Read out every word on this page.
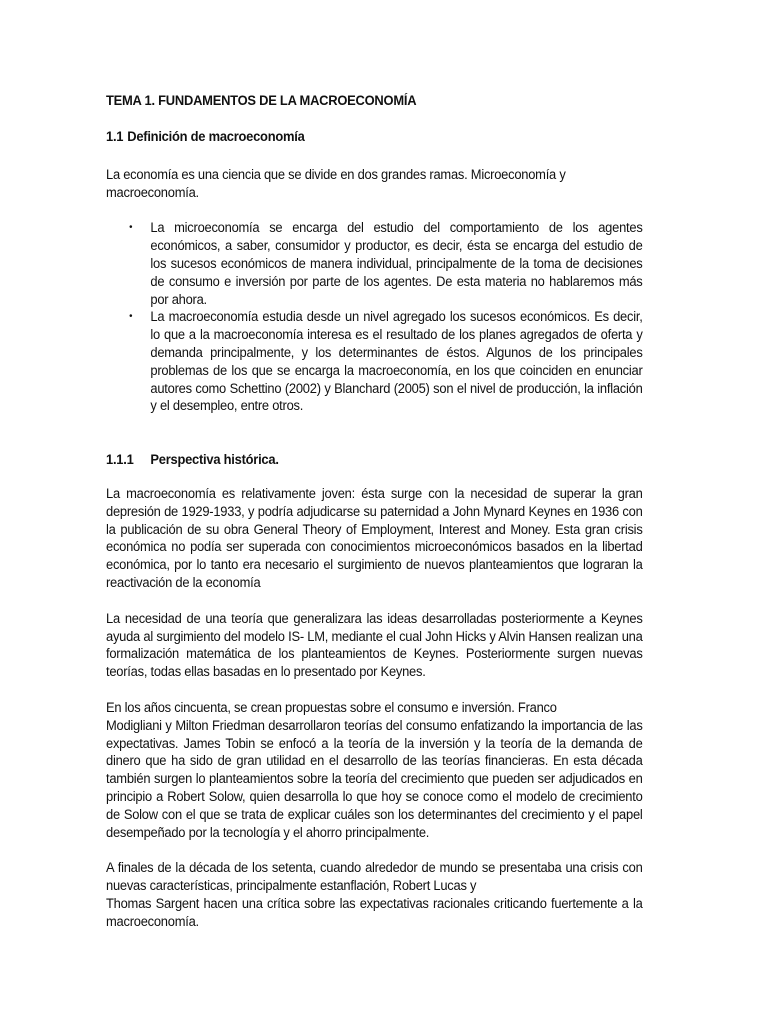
TEMA 1. FUNDAMENTOS DE LA MACROECONOMÍA
1.1 Definición de macroeconomía

La economía es una ciencia que se divide en dos grandes ramas. Microeconomía y macroeconomía.

• La microeconomía se encarga del estudio del comportamiento de los agentes económicos, a saber, consumidor y productor, es decir, ésta se encarga del estudio de los sucesos económicos de manera individual, principalmente de la toma de decisiones de consumo e inversión por parte de los agentes. De esta materia no hablaremos más por ahora.
• La macroeconomía estudia desde un nivel agregado los sucesos económicos. Es decir, lo que a la macroeconomía interesa es el resultado de los planes agregados de oferta y demanda principalmente, y los determinantes de éstos. Algunos de los principales problemas de los que se encarga la macroeconomía, en los que coinciden en enunciar autores como Schettino (2002) y Blanchard (2005) son el nivel de producción, la inflación y el desempleo, entre otros.
1.1.1 Perspectiva histórica.

La macroeconomía es relativamente joven: ésta surge con la necesidad de superar la gran depresión de 1929-1933, y podría adjudicarse su paternidad a John Mynard Keynes en 1936 con la publicación de su obra General Theory of Employment, Interest and Money. Esta gran crisis económica no podía ser superada con conocimientos microeconómicos basados en la libertad económica, por lo tanto era necesario el surgimiento de nuevos planteamientos que lograran la reactivación de la economía

La necesidad de una teoría que generalizara las ideas desarrolladas posteriormente a Keynes ayuda al surgimiento del modelo IS- LM, mediante el cual John Hicks y Alvin Hansen realizan una formalización matemática de los planteamientos de Keynes. Posteriormente surgen nuevas teorías, todas ellas basadas en lo presentado por Keynes.

En los años cincuenta, se crean propuestas sobre el consumo e inversión. Franco
Modigliani y Milton Friedman desarrollaron teorías del consumo enfatizando la importancia de las expectativas. James Tobin se enfocó a la teoría de la inversión y la teoría de la demanda de dinero que ha sido de gran utilidad en el desarrollo de las teorías financieras. En esta década también surgen lo planteamientos sobre la teoría del crecimiento que pueden ser adjudicados en principio a Robert Solow, quien desarrolla lo que hoy se conoce como el modelo de crecimiento de Solow con el que se trata de explicar cuáles son los determinantes del crecimiento y el papel desempeñado por la tecnología y el ahorro principalmente.

A finales de la década de los setenta, cuando alrededor de mundo se presentaba una crisis con nuevas características, principalmente estanflación, Robert Lucas y
Thomas Sargent hacen una crítica sobre las expectativas racionales criticando fuertemente a la macroeconomía.
